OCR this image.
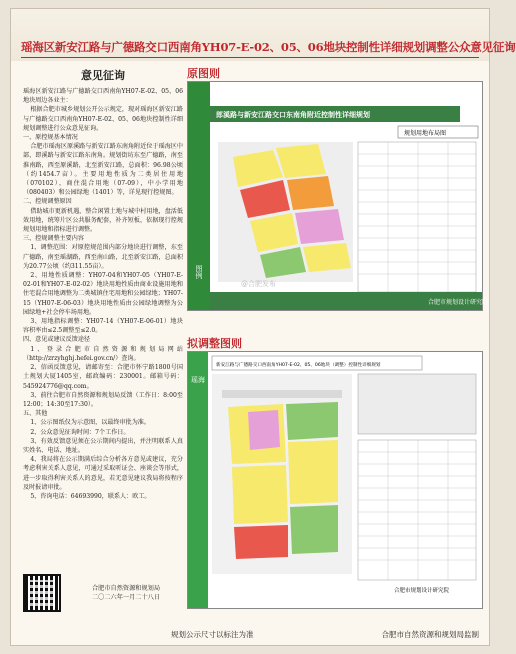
瑶海区新安江路与广德路交口西南角YH07-E-02、05、06地块控制性详细规划调整公众意见征询
意见征询

瑶海区新安江路与广德路交口西南角YH07-E-02、05、06地块周边各业主：

根据合肥市城乡规划公开公示规定，现对瑶海区新安江路与广德路交口西南角YH07-E-02、05、06地块控制性详细规划调整进行公众意见征询。

一、原控规基本情况

合肥市瑶海区原溪路与新安江路东南角附近位于瑶海区中部，即溪路与新安江路东南角。规划街坊东至广德路，南至淮南路，西至原溪路，北至新安江路，总面积：96.98公顷（约1454.7亩）。主要用地性质为二类居住用地（070102），商住混合用地（07-09），中小学用地（080403）和公园绿地（1401）等，详见现行控规图。

二、控规调整原因

借助城市更新机遇，整合闲置土地与城中村用地，盘活低效用地，统筹片区公共服务配套，补齐短板，依据现行控规规划用地和指标进行调整。

三、控规调整主要内容

1、调整范围：对原控规范围内部分地块进行调整，东至广德路，南至瑶湖路，西至南山路，北至新安江路，总面积为20.77公顷（约311.55亩）。

2、用地性质调整：YH07-04和YH07-05（YH07-E-02-01和YH07-E-02-02）地块用地性质由商业设施用地和住宅混合用地调整为二类城镇住宅用地和公园绿地；YH07-15（YH07-E-06-03）地块用地性质由公园绿地调整为公园绿地+社会停车场用地。

3、用地指标调整：YH07-14（YH07-E-06-01）地块容积率由≤2.5调整至≤2.0。

四、意见或建议反馈途径

1、登录合肥市自然资源和规划局网站（http://zrzyhghj.hefei.gov.cn/）查询。

2、信函反馈意见，请邮寄至：合肥市怀宁路1800号国土规划大厦1405室，邮政编码：230001。邮箱号码：545924776@qq.com。

3、前往合肥市自然资源和规划局反馈（工作日：8:00至12:00；14:30至17:30）。

五、其他

1、公示图纸仅为示意图，以最终审批为准。

2、公众意见征询时间：7个工作日。

3、有效反馈意见须在公示期间内提出，并注明联系人真实姓名、电话、地址。

4、我局将在公示期满后综合分析各方意见或建议，充分考虑利害关系人意见，可通过采取听证会、座谈会等形式，进一步取得利害关系人的意见，若无意见建议我局将按程序及时报请审批。

5、咨询电话：64693990，联系人：欧工。

合肥市自然资源和规划局
二〇二六年一月二十八日
原图则
图例
郎溪路与新安江路交口东南角附近控制性详细规划
规划用地布局图
合肥市规划设计研究院
拟调整图则
瑶海
新安江路与广德路交口西南角YH07-E-02、05、06地块（调整）控制性详细规划
合肥市规划设计研究院
@合肥发布
规划公示尺寸以标注为准	合肥市自然资源和规划局监制
